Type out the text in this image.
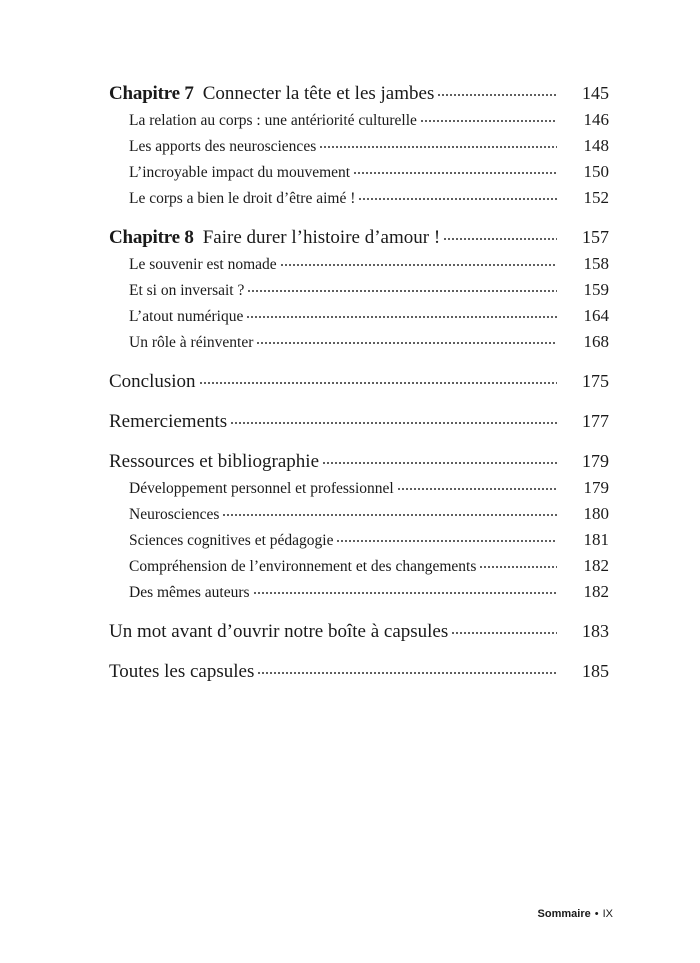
Chapitre 7 Connecter la tête et les jambes	145
La relation au corps : une antériorité culturelle	146
Les apports des neurosciences	148
L’incroyable impact du mouvement	150
Le corps a bien le droit d’être aimé !	152
Chapitre 8 Faire durer l’histoire d’amour !	157
Le souvenir est nomade	158
Et si on inversait ?	159
L’atout numérique	164
Un rôle à réinventer	168
Conclusion	175
Remerciements	177
Ressources et bibliographie	179
Développement personnel et professionnel	179
Neurosciences	180
Sciences cognitives et pédagogie	181
Compréhension de l’environnement et des changements	182
Des mêmes auteurs	182
Un mot avant d’ouvrir notre boîte à capsules	183
Toutes les capsules	185
Sommaire • IX
